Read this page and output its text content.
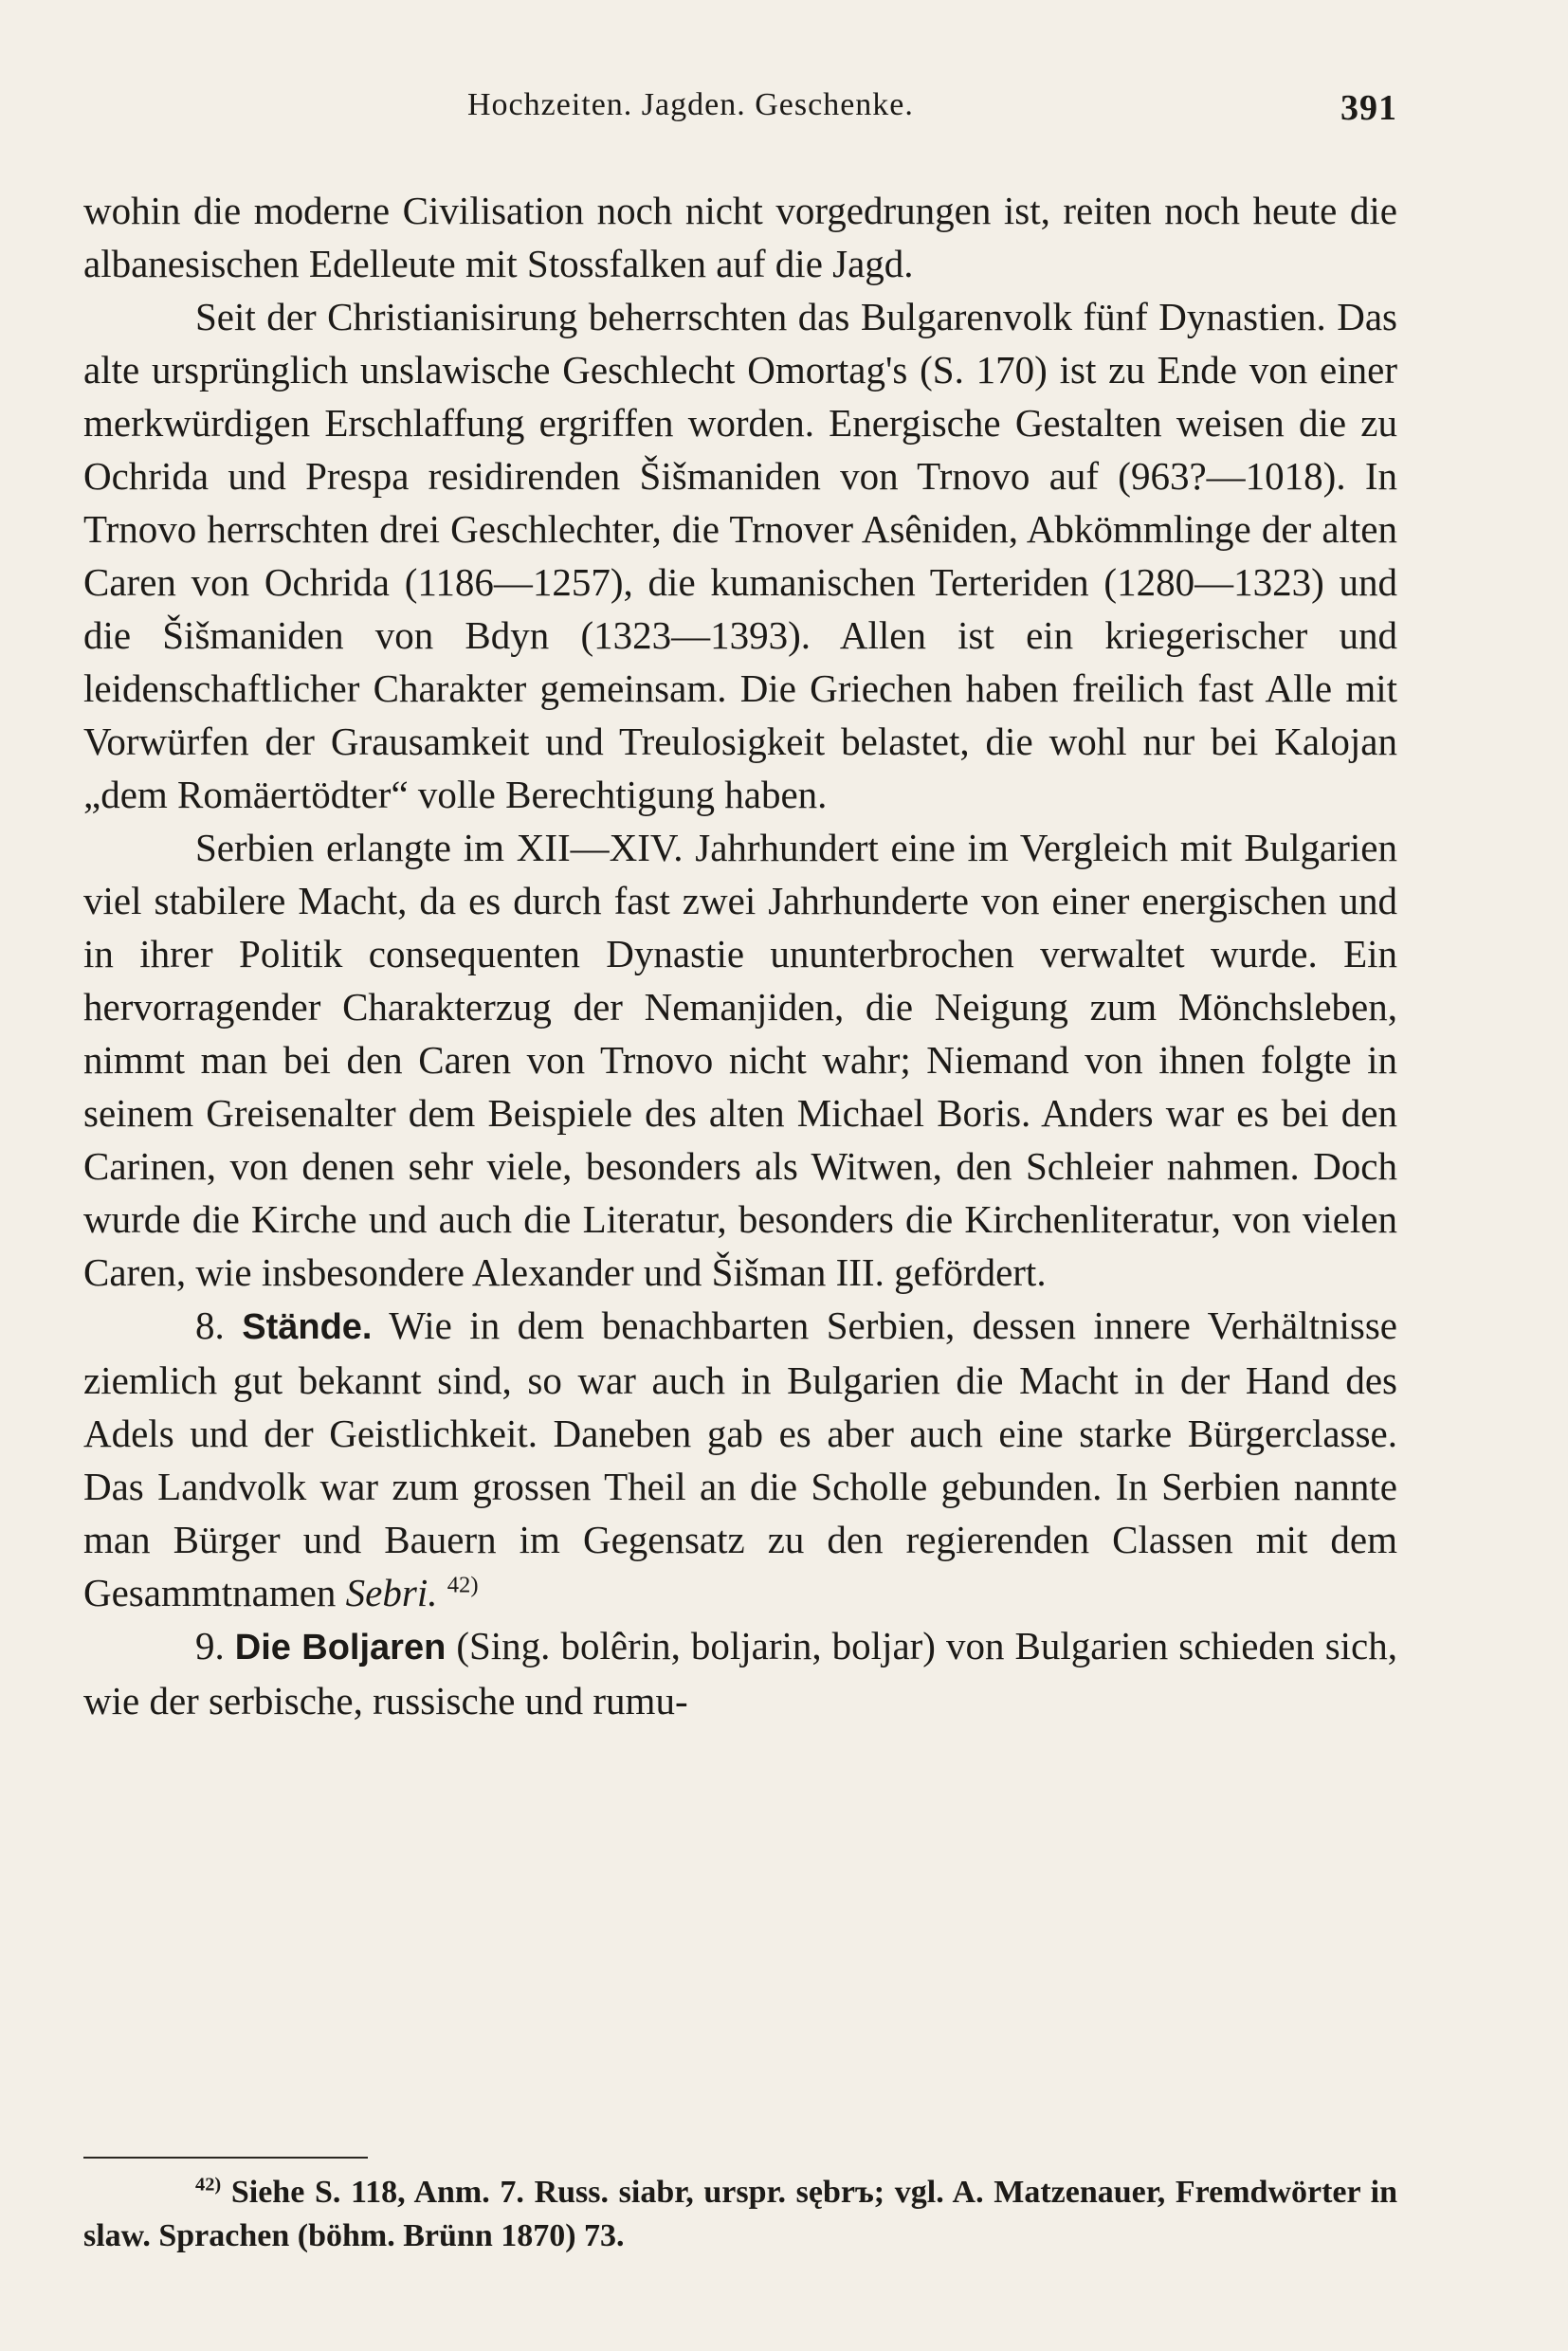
Hochzeiten. Jagden. Geschenke.	391

wohin die moderne Civilisation noch nicht vorgedrungen ist, reiten noch heute die albanesischen Edelleute mit Stossfalken auf die Jagd.

Seit der Christianisirung beherrschten das Bulgarenvolk fünf Dynastien. Das alte ursprünglich unslawische Geschlecht Omortag's (S. 170) ist zu Ende von einer merkwürdigen Erschlaffung ergriffen worden. Energische Gestalten weisen die zu Ochrida und Prespa residirenden Šišmaniden von Trnovo auf (963?—1018). In Trnovo herrschten drei Geschlechter, die Trnover Asêniden, Abkömmlinge der alten Caren von Ochrida (1186—1257), die kumanischen Terteriden (1280—1323) und die Šišmaniden von Bdyn (1323—1393). Allen ist ein kriegerischer und leidenschaftlicher Charakter gemeinsam. Die Griechen haben freilich fast Alle mit Vorwürfen der Grausamkeit und Treulosigkeit belastet, die wohl nur bei Kalojan „dem Romäertödter“ volle Berechtigung haben.

Serbien erlangte im XII—XIV. Jahrhundert eine im Vergleich mit Bulgarien viel stabilere Macht, da es durch fast zwei Jahrhunderte von einer energischen und in ihrer Politik consequenten Dynastie ununterbrochen verwaltet wurde. Ein hervorragender Charakterzug der Nemanjiden, die Neigung zum Mönchsleben, nimmt man bei den Caren von Trnovo nicht wahr; Niemand von ihnen folgte in seinem Greisenalter dem Beispiele des alten Michael Boris. Anders war es bei den Carinen, von denen sehr viele, besonders als Witwen, den Schleier nahmen. Doch wurde die Kirche und auch die Literatur, besonders die Kirchenliteratur, von vielen Caren, wie insbesondere Alexander und Šišman III. gefördert.

8. Stände. Wie in dem benachbarten Serbien, dessen innere Verhältnisse ziemlich gut bekannt sind, so war auch in Bulgarien die Macht in der Hand des Adels und der Geistlichkeit. Daneben gab es aber auch eine starke Bürgerclasse. Das Landvolk war zum grossen Theil an die Scholle gebunden. In Serbien nannte man Bürger und Bauern im Gegensatz zu den regierenden Classen mit dem Gesammtnamen Sebri. $^{42)}$

9. Die Boljaren (Sing. bolêrin, boljarin, boljar) von Bulgarien schieden sich, wie der serbische, russische und rumu-

$^{42)}$ Siehe S. 118, Anm. 7. Russ. siabr, urspr. sębrъ; vgl. A. Matzenauer, Fremdwörter in slaw. Sprachen (böhm. Brünn 1870) 73.
